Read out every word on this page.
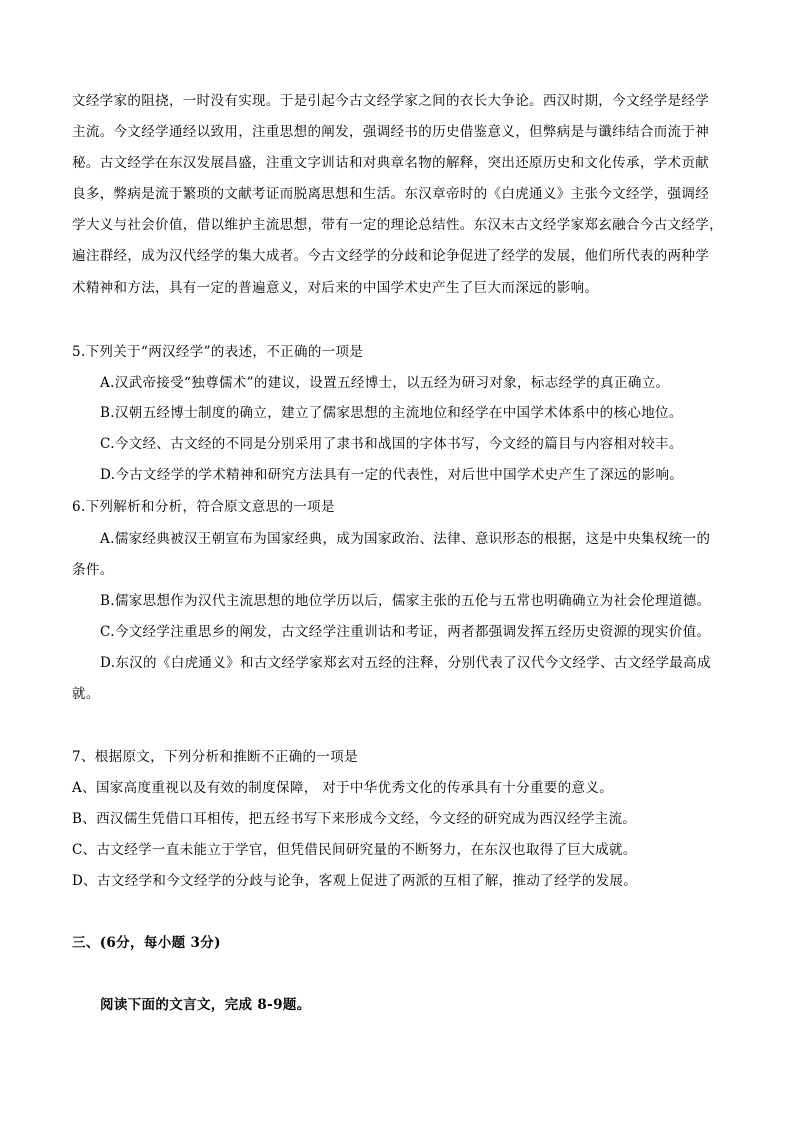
文经学家的阻挠，一时没有实现。于是引起今古文经学家之间的衣长大争论。西汉时期，今文经学是经学
主流。今文经学通经以致用，注重思想的阐发，强调经书的历史借鉴意义，但弊病是与谶纬结合而流于神
秘。古文经学在东汉发展昌盛，注重文字训诂和对典章名物的解释，突出还原历史和文化传承，学术贡献
良多，弊病是流于繁琐的文献考证而脱离思想和生活。东汉章帝时的《白虎通义》主张今文经学，强调经
学大义与社会价值，借以维护主流思想，带有一定的理论总结性。东汉末古文经学家郑玄融合今古文经学，
遍注群经，成为汉代经学的集大成者。今古文经学的分歧和论争促进了经学的发展，他们所代表的两种学
术精神和方法，具有一定的普遍意义，对后来的中国学术史产生了巨大而深远的影响。
5.下列关于“两汉经学”的表述，不正确的一项是
A.汉武帝接受“独尊儒术”的建议，设置五经博士，以五经为研习对象，标志经学的真正确立。
B.汉朝五经博士制度的确立，建立了儒家思想的主流地位和经学在中国学术体系中的核心地位。
C.今文经、古文经的不同是分别采用了隶书和战国的字体书写，今文经的篇目与内容相对较丰。
D.今古文经学的学术精神和研究方法具有一定的代表性，对后世中国学术史产生了深远的影响。
6.下列解析和分析，符合原文意思的一项是
A.儒家经典被汉王朝宣布为国家经典，成为国家政治、法律、意识形态的根据，这是中央集权统一的
条件。
B.儒家思想作为汉代主流思想的地位学历以后，儒家主张的五伦与五常也明确确立为社会伦理道德。
C.今文经学注重思乡的阐发，古文经学注重训诂和考证，两者都强调发挥五经历史资源的现实价值。
D.东汉的《白虎通义》和古文经学家郑玄对五经的注释，分别代表了汉代今文经学、古文经学最高成
就。
7、根据原文，下列分析和推断不正确的一项是
A、国家高度重视以及有效的制度保障， 对于中华优秀文化的传承具有十分重要的意义。
B、西汉儒生凭借口耳相传，把五经书写下来形成今文经，今文经的研究成为西汉经学主流。
C、古文经学一直未能立于学官，但凭借民间研究量的不断努力，在东汉也取得了巨大成就。
D、古文经学和今文经学的分歧与论争，客观上促进了两派的互相了解，推动了经学的发展。
三、(6分，每小题 3分)
阅读下面的文言文，完成 8-9题。
